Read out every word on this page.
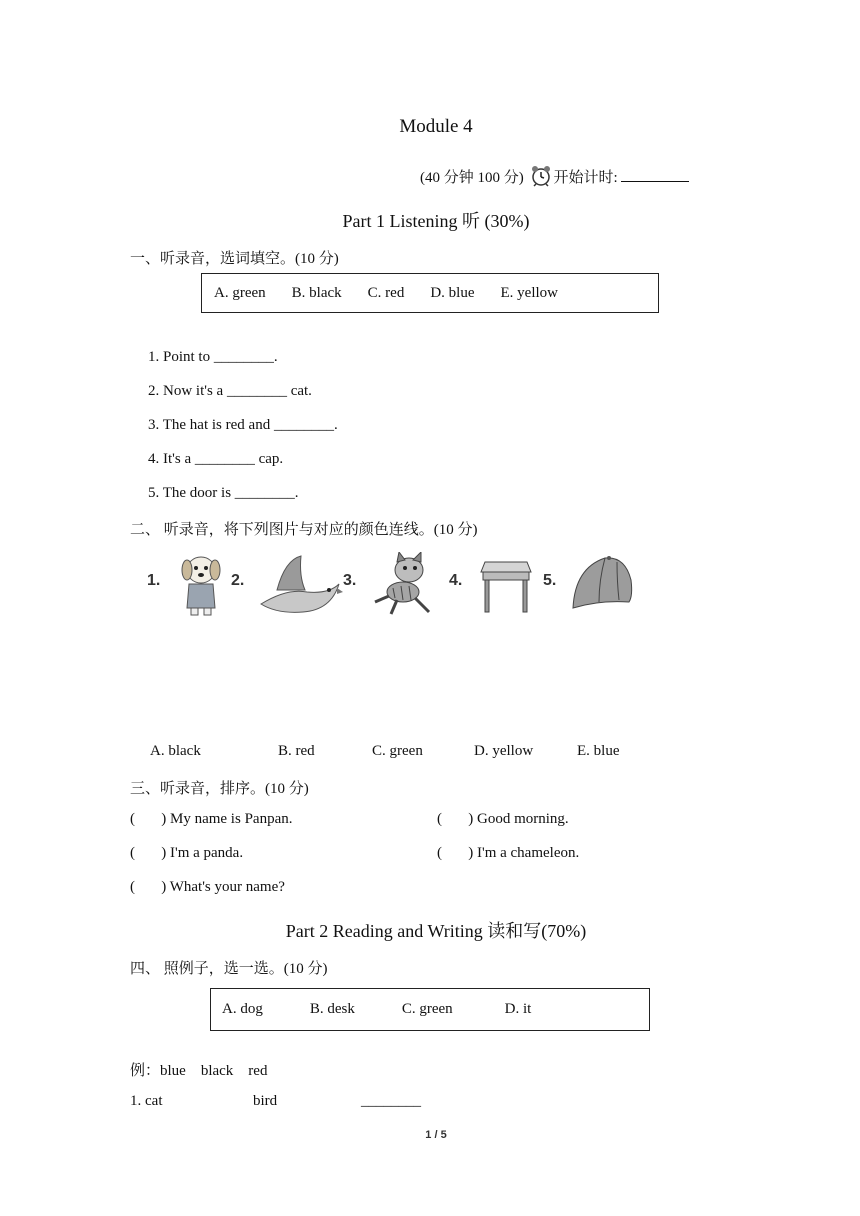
Module 4
(40 分钟 100 分) 开始计时:
Part 1 Listening 听 (30%)
一、听录音，选词填空。(10 分)
A. green B. black C. red D. blue E. yellow
1. Point to ________.
2. Now it's a ________ cat.
3. The hat is red and ________.
4. It's a ________ cap.
5. The door is ________.
二、 听录音，将下列图片与对应的颜色连线。(10 分)
1.	2.	3.	4.	5.
A. black	B. red	C. green	D. yellow	E. blue
三、听录音，排序。(10 分)
(       ) My name is Panpan.	(       ) Good morning.
(       ) I'm a panda.	(       ) I'm a chameleon.
(       ) What's your name?
Part 2 Reading and Writing 读和写(70%)
四、 照例子，选一选。(10 分)
A. dog	B. desk	C. green	D. it
例：blue    black    red
1. cat	bird	________
1 / 5
